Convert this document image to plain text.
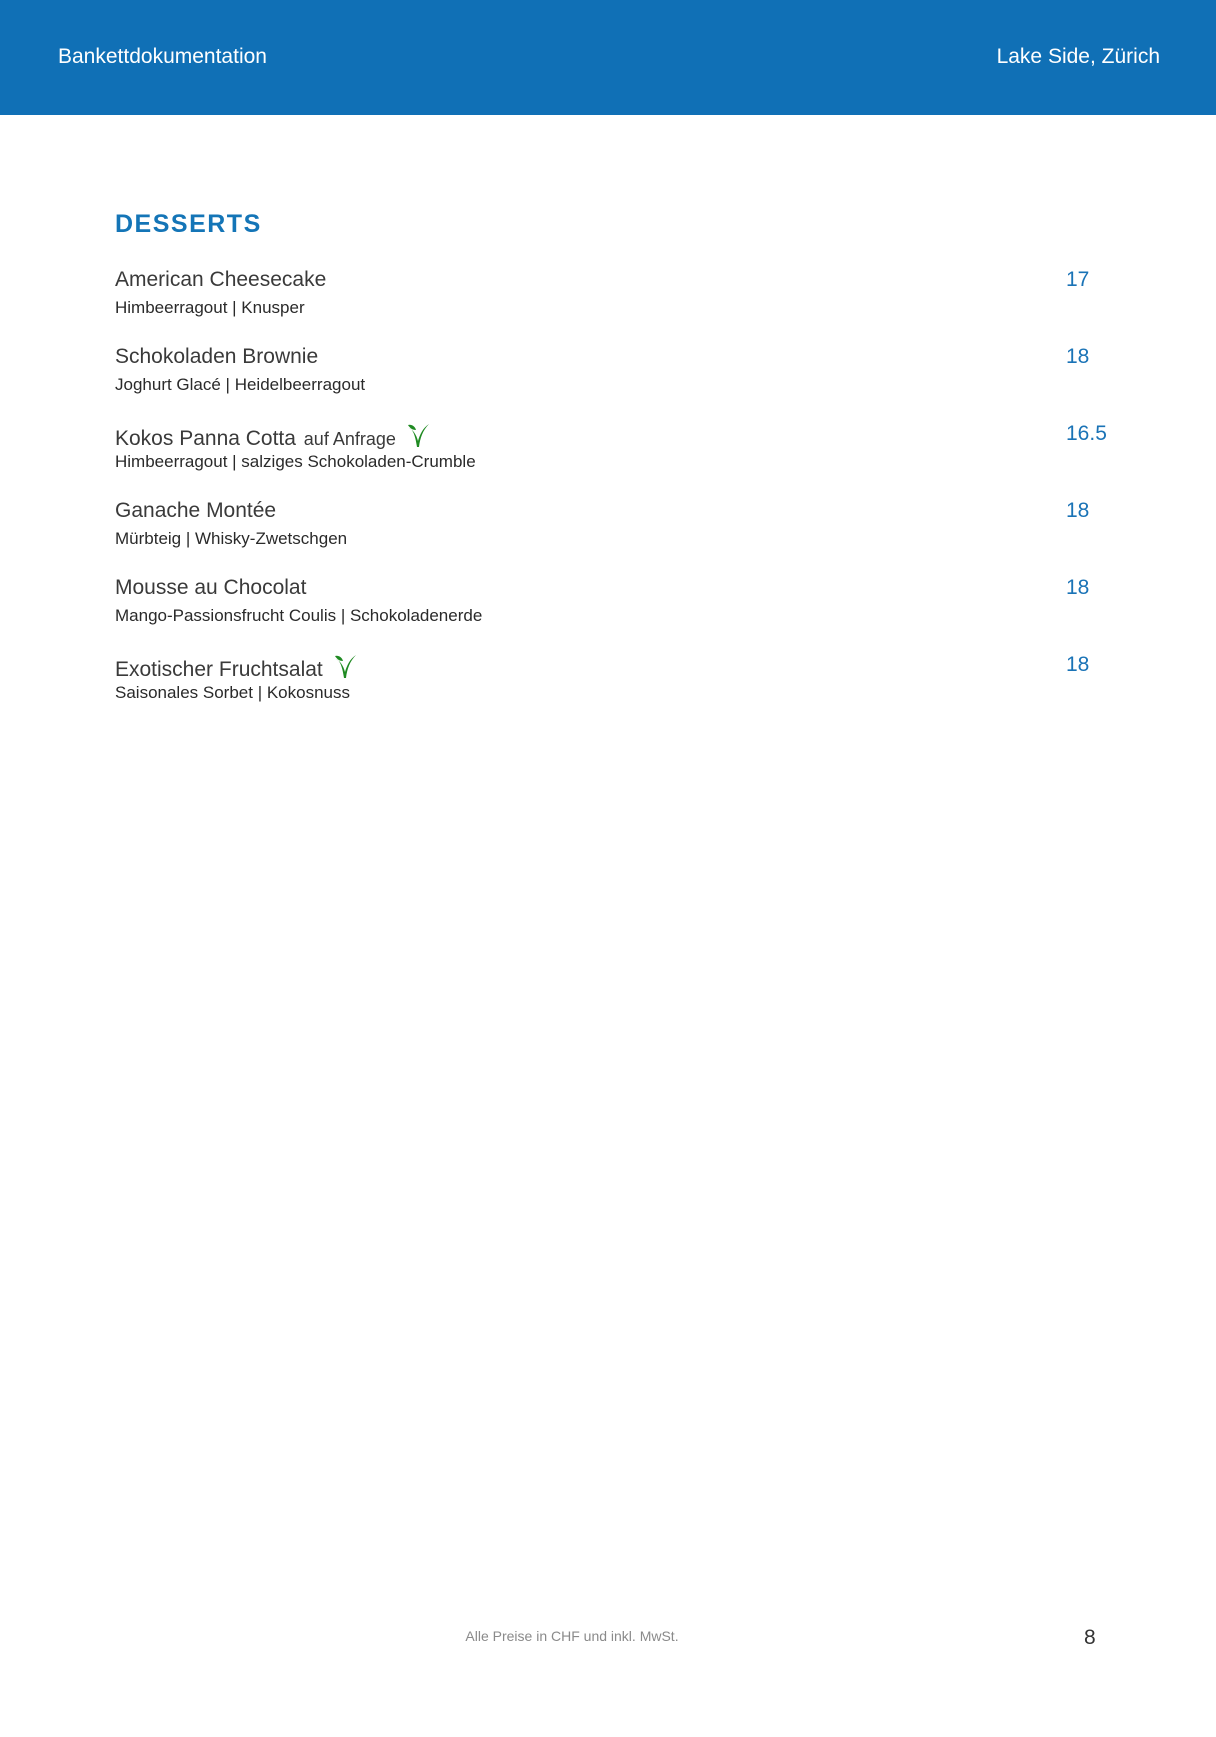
Bankettdokumentation	Lake Side, Zürich
DESSERTS
American Cheesecake
Himbeerragout | Knusper
17
Schokoladen Brownie
Joghurt Glacé | Heidelbeerragout
18
Kokos Panna Cotta auf Anfrage
Himbeerragout | salziges Schokoladen-Crumble
16.5
Ganache Montée
Mürbteig | Whisky-Zwetschgen
18
Mousse au Chocolat
Mango-Passionsfrucht Coulis | Schokoladenerde
18
Exotischer Fruchtsalat
Saisonales Sorbet | Kokosnuss
18
Alle Preise in CHF und inkl. MwSt.	8
